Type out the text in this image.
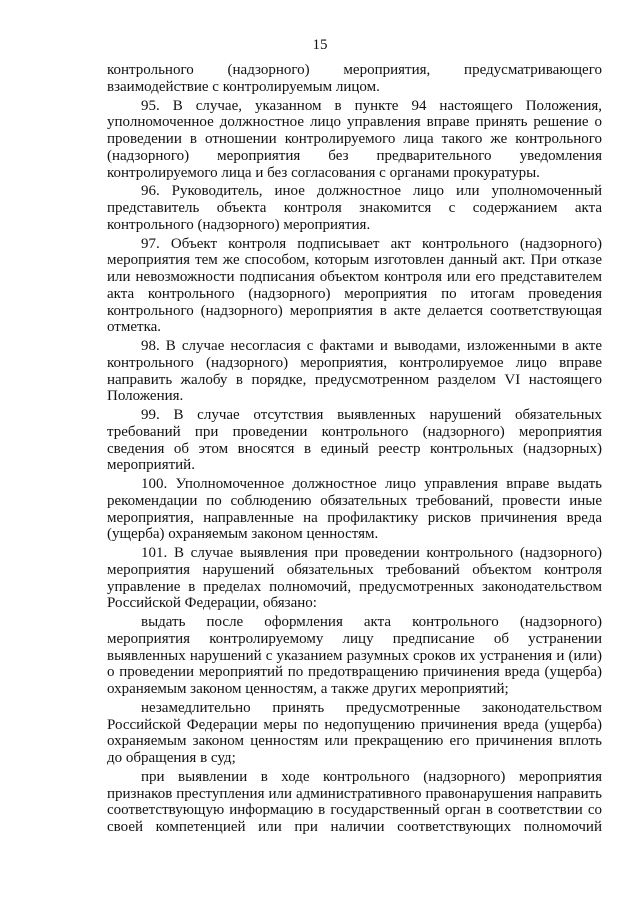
15

контрольного (надзорного) мероприятия, предусматривающего взаимодействие с контролируемым лицом.

95. В случае, указанном в пункте 94 настоящего Положения, уполномоченное должностное лицо управления вправе принять решение о проведении в отношении контролируемого лица такого же контрольного (надзорного) мероприятия без предварительного уведомления контролируемого лица и без согласования с органами прокуратуры.

96. Руководитель, иное должностное лицо или уполномоченный представитель объекта контроля знакомится с содержанием акта контрольного (надзорного) мероприятия.

97. Объект контроля подписывает акт контрольного (надзорного) мероприятия тем же способом, которым изготовлен данный акт. При отказе или невозможности подписания объектом контроля или его представителем акта контрольного (надзорного) мероприятия по итогам проведения контрольного (надзорного) мероприятия в акте делается соответствующая отметка.

98. В случае несогласия с фактами и выводами, изложенными в акте контрольного (надзорного) мероприятия, контролируемое лицо вправе направить жалобу в порядке, предусмотренном разделом VI настоящего Положения.

99. В случае отсутствия выявленных нарушений обязательных требований при проведении контрольного (надзорного) мероприятия сведения об этом вносятся в единый реестр контрольных (надзорных) мероприятий.

100. Уполномоченное должностное лицо управления вправе выдать рекомендации по соблюдению обязательных требований, провести иные мероприятия, направленные на профилактику рисков причинения вреда (ущерба) охраняемым законом ценностям.

101. В случае выявления при проведении контрольного (надзорного) мероприятия нарушений обязательных требований объектом контроля управление в пределах полномочий, предусмотренных законодательством Российской Федерации, обязано:

выдать после оформления акта контрольного (надзорного) мероприятия контролируемому лицу предписание об устранении выявленных нарушений с указанием разумных сроков их устранения и (или) о проведении мероприятий по предотвращению причинения вреда (ущерба) охраняемым законом ценностям, а также других мероприятий;

незамедлительно принять предусмотренные законодательством Российской Федерации меры по недопущению причинения вреда (ущерба) охраняемым законом ценностям или прекращению его причинения вплоть до обращения в суд;

при выявлении в ходе контрольного (надзорного) мероприятия признаков преступления или административного правонарушения направить соответствующую информацию в государственный орган в соответствии со своей компетенцией или при наличии соответствующих полномочий
